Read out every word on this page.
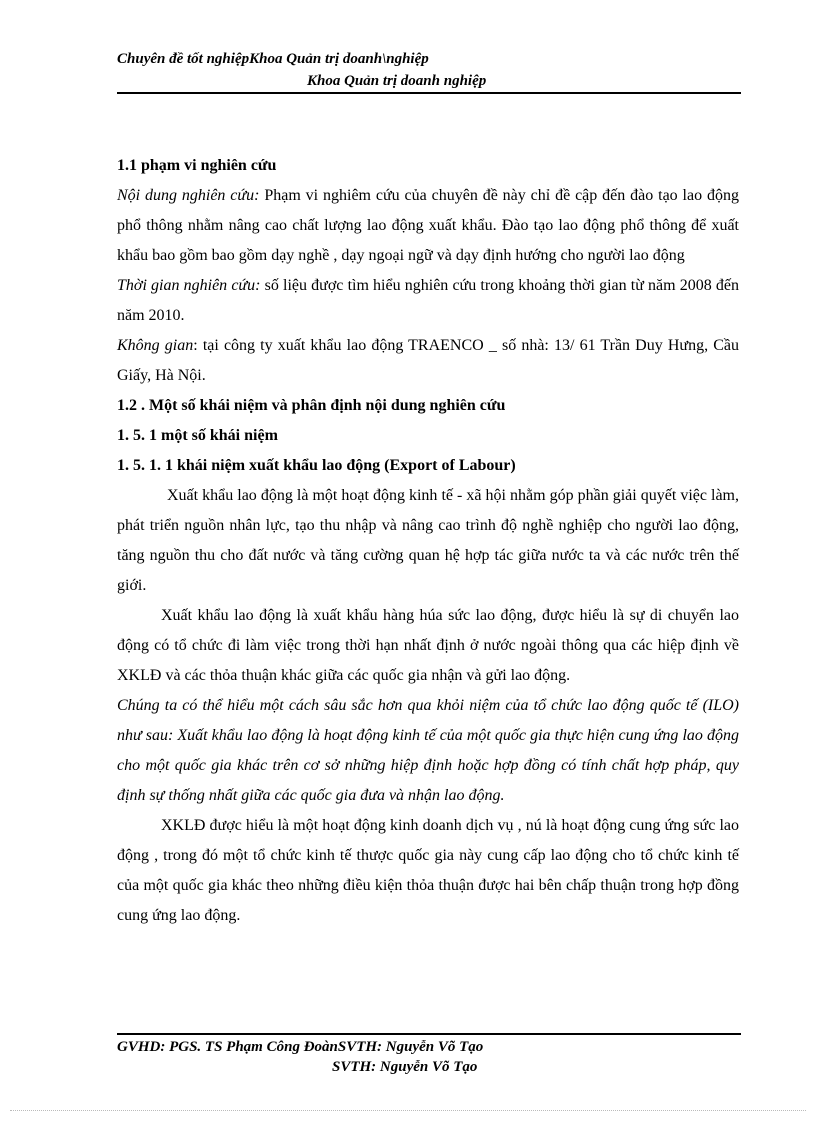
Chuyên đề tốt nghiệpKhoa Quản trị doanh\nghiệp
Khoa Quản trị doanh nghiệp

1.1 phạm vi nghiên cứu

Nội dung nghiên cứu: Phạm vi nghiêm cứu của chuyên đề này chỉ đề cập đến đào tạo lao động phổ thông nhằm nâng cao chất lượng lao động xuất khẩu. Đào tạo lao động phổ thông để xuất khẩu bao gồm bao gồm dạy nghề , dạy ngoại ngữ và dạy định hướng cho người lao động

Thời gian nghiên cứu: số liệu được tìm hiểu nghiên cứu trong khoảng thời gian từ năm 2008 đến năm 2010.

Không gian: tại công ty xuất khẩu lao động TRAENCO _ số nhà: 13/ 61 Trần Duy Hưng, Cầu Giấy, Hà Nội.

1.2 . Một số khái niệm và phân định nội dung nghiên cứu

1. 5. 1 một số khái niệm

1. 5. 1. 1 khái niệm xuất khẩu lao động (Export of Labour)

Xuất khẩu lao động là một hoạt động kinh tế - xã hội nhằm góp phần giải quyết việc làm, phát triển nguồn nhân lực, tạo thu nhập và nâng cao trình độ nghề nghiệp cho người lao động, tăng nguồn thu cho đất nước và tăng cường quan hệ hợp tác giữa nước ta và các nước trên thế giới.

Xuất khẩu lao động là xuất khẩu hàng húa sức lao động, được hiểu là sự di chuyển lao động có tổ chức đi làm việc trong thời hạn nhất định ở nước ngoài thông qua các hiệp định về XKLĐ và các thỏa thuận khác giữa các quốc gia nhận và gửi lao động.

Chúng ta có thể hiểu một cách sâu sắc hơn qua khỏi niệm của tổ chức lao động quốc tế (ILO) như sau: Xuất khẩu lao động là hoạt động kinh tế của một quốc gia thực hiện cung ứng lao động cho một quốc gia khác trên cơ sở những hiệp định hoặc hợp đồng có tính chất hợp pháp, quy định sự thống nhất giữa các quốc gia đưa và nhận lao động.

XKLĐ được hiểu là một hoạt động kinh doanh dịch vụ , nú là hoạt động cung ứng sức lao động , trong đó một tổ chức kinh tế thược quốc gia này cung cấp lao động cho tổ chức kinh tế của một quốc gia khác theo những điều kiện thỏa thuận được hai bên chấp thuận trong hợp đồng cung ứng lao động.

GVHD: PGS. TS Phạm Công ĐoànSVTH: Nguyễn Võ Tạo
SVTH: Nguyễn Võ Tạo
